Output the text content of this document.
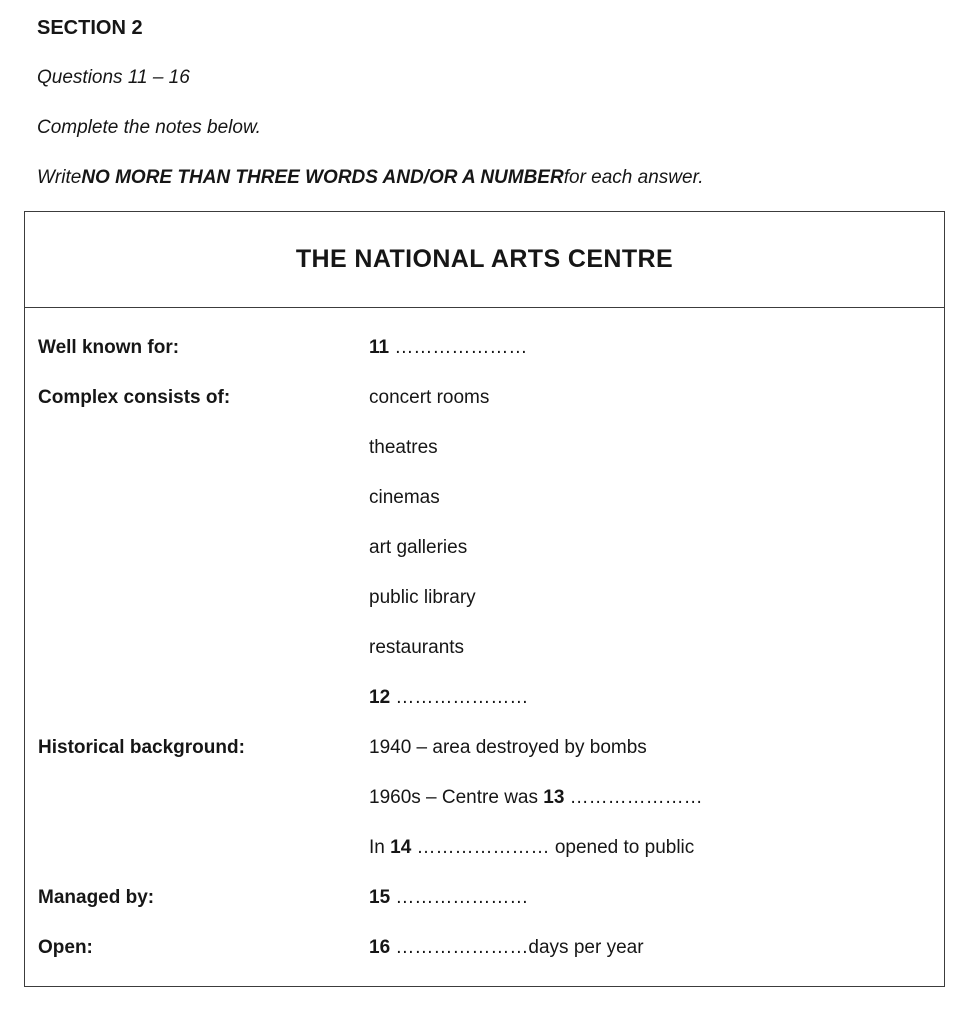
SECTION 2
Questions 11 – 16
Complete the notes below.
Write NO MORE THAN THREE WORDS AND/OR A NUMBER for each answer.
THE NATIONAL ARTS CENTRE
Well known for:	11 …………………
Complex consists of:	concert rooms
theatres
cinemas
art galleries
public library
restaurants
12 …………………
Historical background:	1940 – area destroyed by bombs
1960s – Centre was 13 …………………
In 14 ………………… opened to public
Managed by:	15 …………………
Open:	16 …………………days per year
